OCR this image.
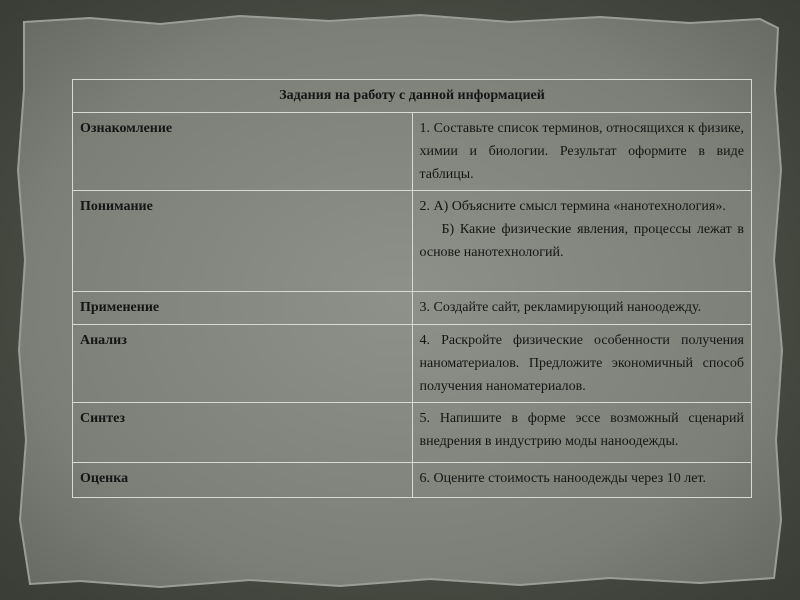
Задания на работу с данной информацией	
Ознакомление	1. Составьте список терминов, относящихся к физике, химии и биологии. Результат оформите в виде таблицы.
Понимание	2. А) Объясните смысл термина «нанотехнология».
Б) Какие физические явления, процессы лежат в основе нанотехнологий.

Применение	3. Создайте сайт, рекламирующий наноодежду.
Анализ	4. Раскройте физические особенности получения наноматериалов. Предложите экономичный способ получения наноматериалов.
Синтез	5. Напишите в форме эссе возможный сценарий внедрения в индустрию моды наноодежды.
Оценка	6. Оцените стоимость наноодежды через 10 лет.
